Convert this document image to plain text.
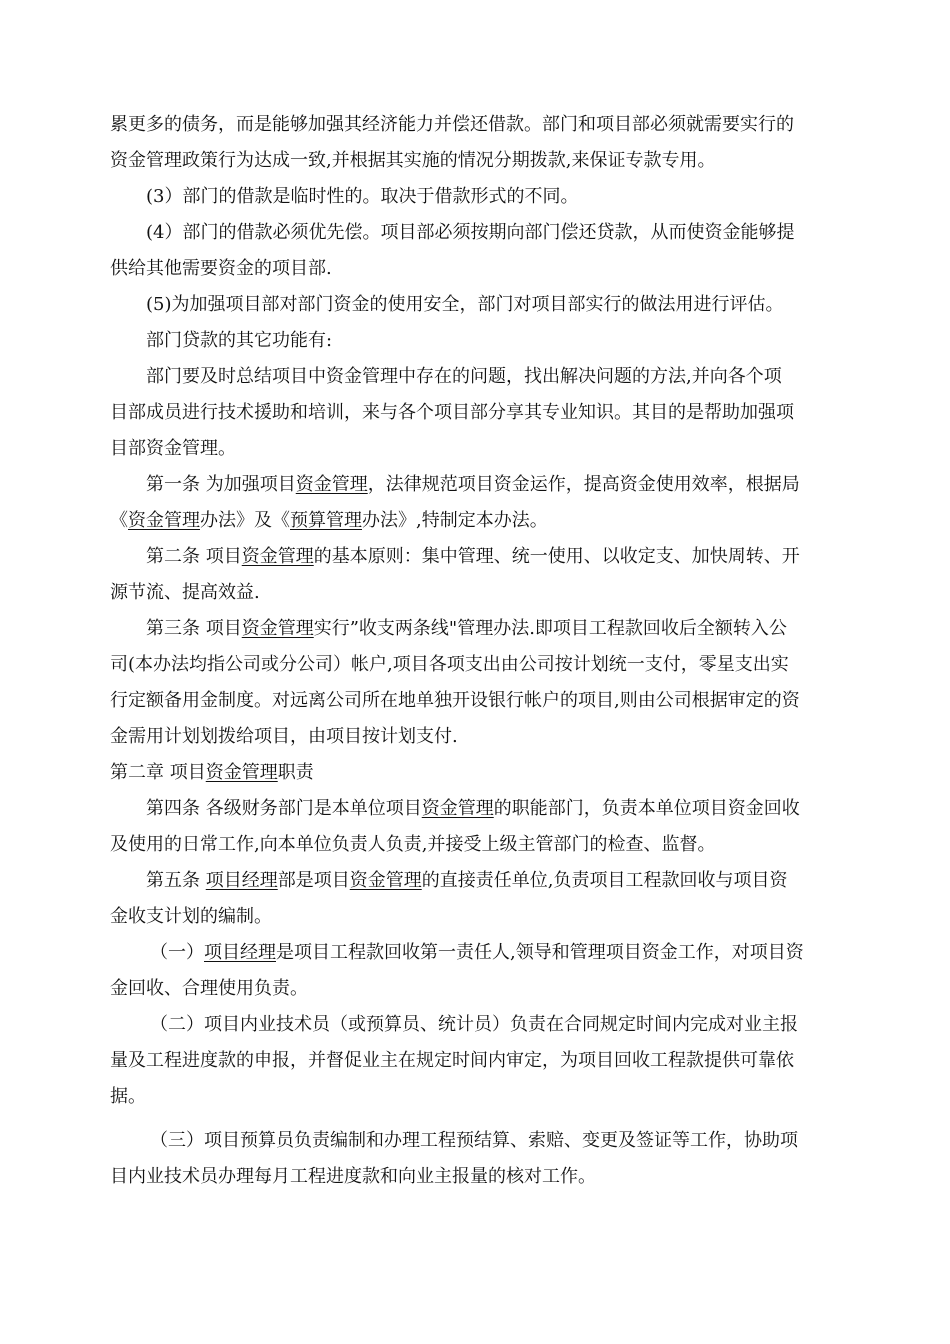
累更多的债务，而是能够加强其经济能力并偿还借款。部门和项目部必须就需要实行的
资金管理政策行为达成一致,并根据其实施的情况分期拨款,来保证专款专用。
(3）部门的借款是临时性的。取决于借款形式的不同。
(4）部门的借款必须优先偿。项目部必须按期向部门偿还贷款，从而使资金能够提
供给其他需要资金的项目部.
(5)为加强项目部对部门资金的使用安全，部门对项目部实行的做法用进行评估。
部门贷款的其它功能有:
部门要及时总结项目中资金管理中存在的问题，找出解决问题的方法,并向各个项
目部成员进行技术援助和培训，来与各个项目部分享其专业知识。其目的是帮助加强项
目部资金管理。
第一条 为加强项目资金管理，法律规范项目资金运作，提高资金使用效率，根据局
《资金管理办法》及《预算管理办法》,特制定本办法。
第二条 项目资金管理的基本原则：集中管理、统一使用、以收定支、加快周转、开
源节流、提高效益.
第三条 项目资金管理实行”收支两条线"管理办法.即项目工程款回收后全额转入公
司(本办法均指公司或分公司）帐户,项目各项支出由公司按计划统一支付，零星支出实
行定额备用金制度。对远离公司所在地单独开设银行帐户的项目,则由公司根据审定的资
金需用计划划拨给项目，由项目按计划支付.
第二章 项目资金管理职责
第四条 各级财务部门是本单位项目资金管理的职能部门，负责本单位项目资金回收
及使用的日常工作,向本单位负责人负责,并接受上级主管部门的检查、监督。
第五条 项目经理部是项目资金管理的直接责任单位,负责项目工程款回收与项目资
金收支计划的编制。
（一）项目经理是项目工程款回收第一责任人,领导和管理项目资金工作，对项目资
金回收、合理使用负责。
（二）项目内业技术员（或预算员、统计员）负责在合同规定时间内完成对业主报
量及工程进度款的申报，并督促业主在规定时间内审定，为项目回收工程款提供可靠依
据。
（三）项目预算员负责编制和办理工程预结算、索赔、变更及签证等工作，协助项
目内业技术员办理每月工程进度款和向业主报量的核对工作。
